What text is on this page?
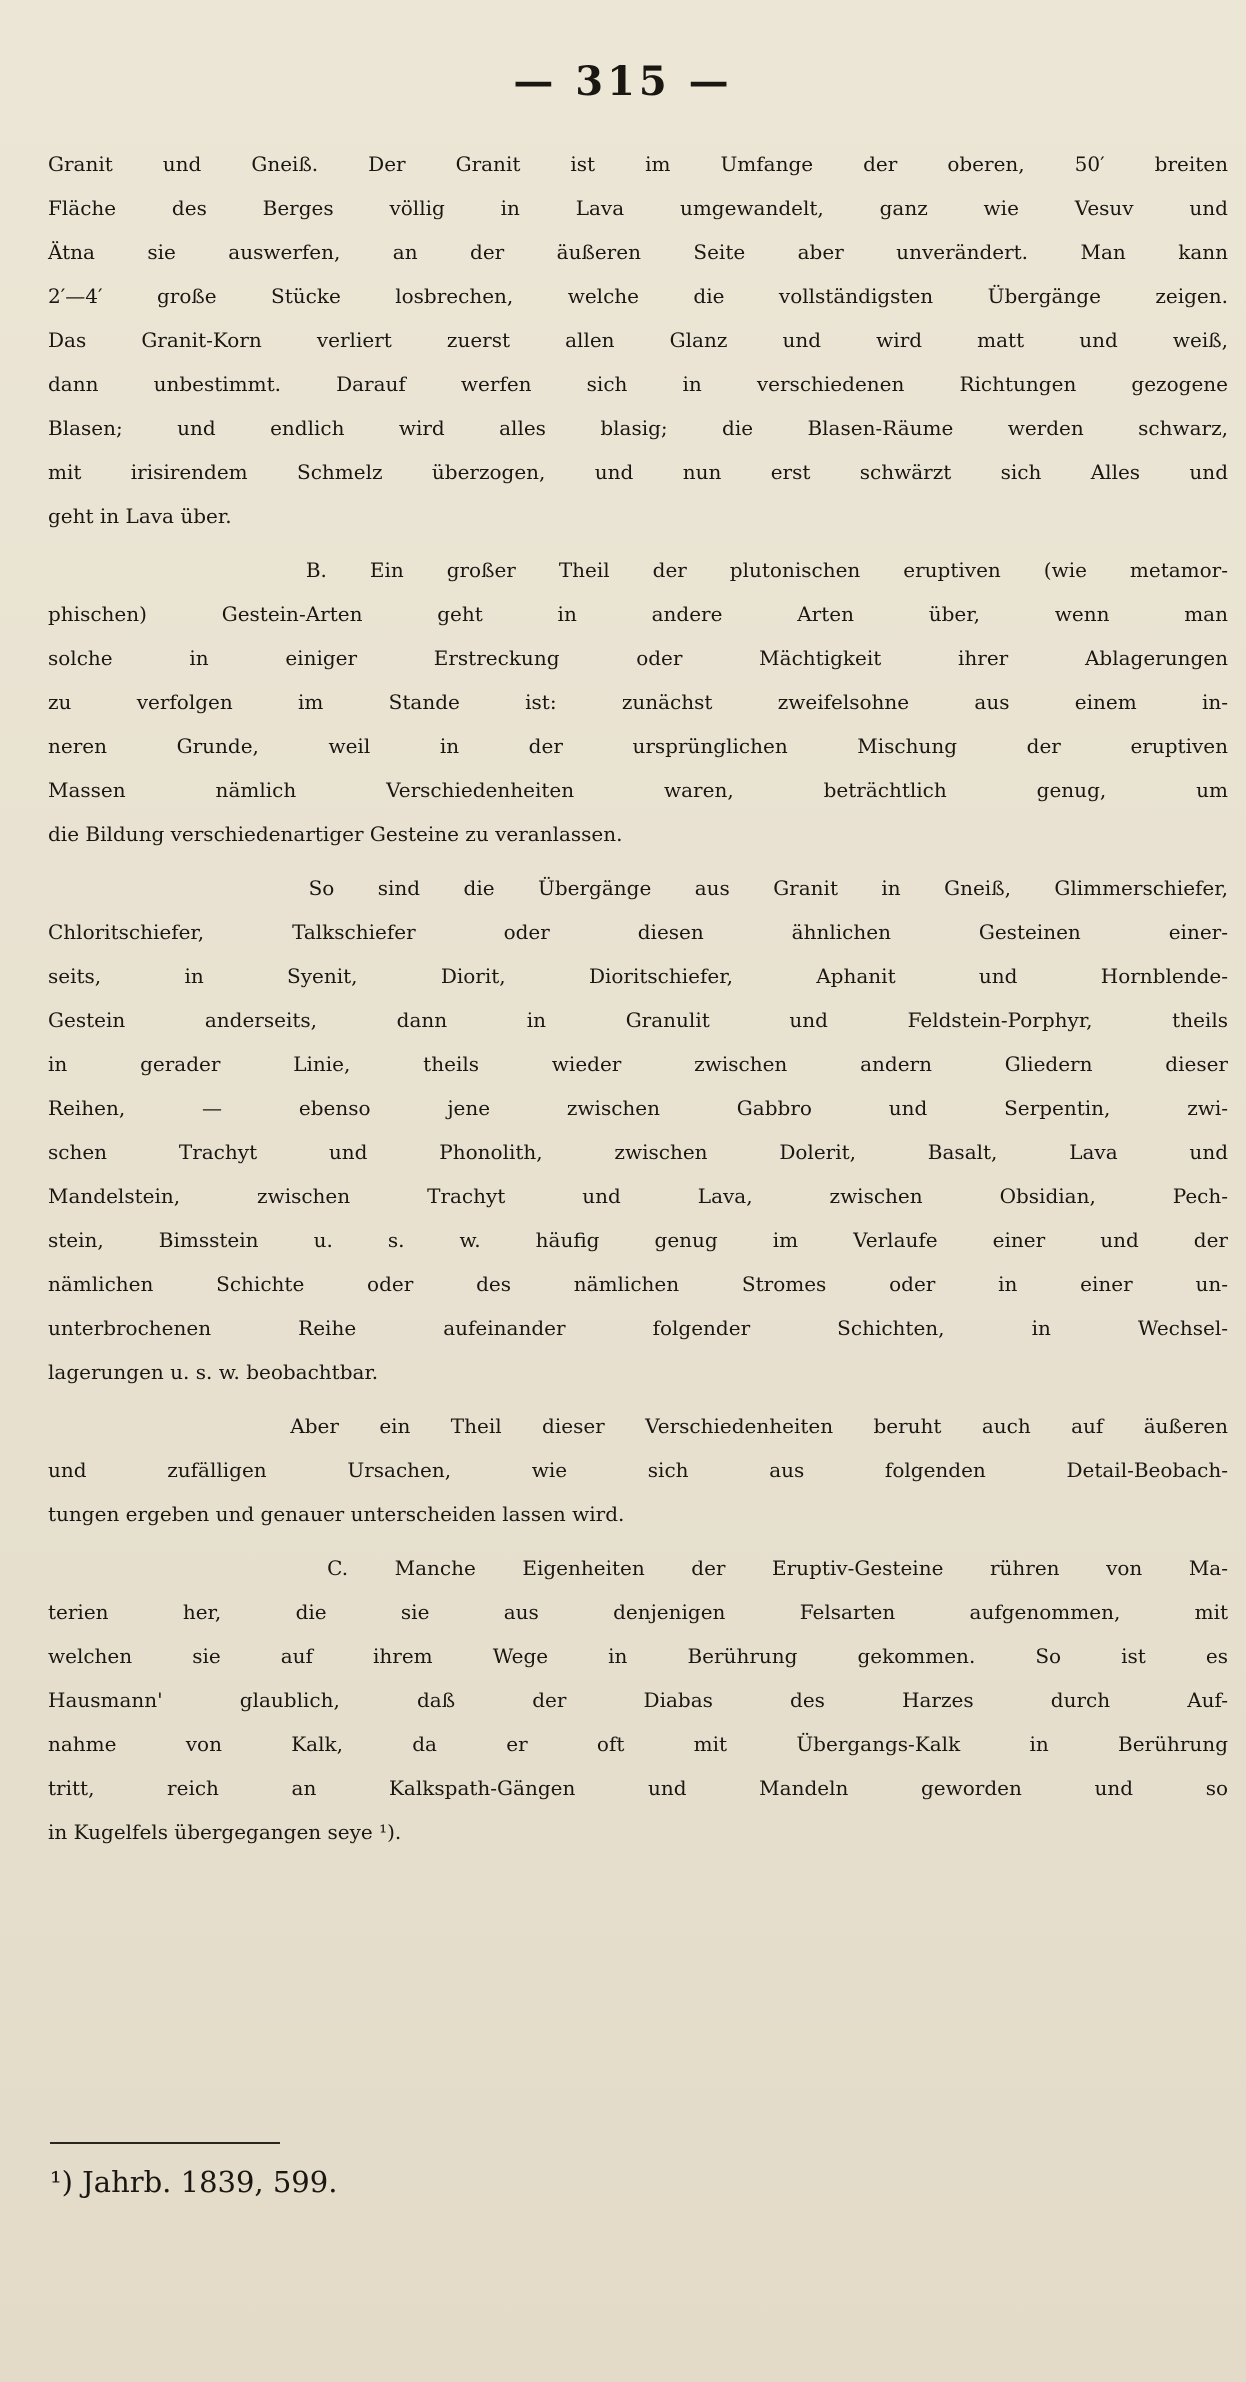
— 315 —
Granit und Gneiß. Der Granit ist im Umfange der oberen, 50′ breiten
Fläche des Berges völlig in Lava umgewandelt, ganz wie Vesuv und
Ätna sie auswerfen, an der äußeren Seite aber unverändert. Man kann
2′—4′ große Stücke losbrechen, welche die vollständigsten Übergänge zeigen.
Das Granit-Korn verliert zuerst allen Glanz und wird matt und weiß,
dann unbestimmt. Darauf werfen sich in verschiedenen Richtungen gezogene
Blasen; und endlich wird alles blasig; die Blasen-Räume werden schwarz,
mit irisirendem Schmelz überzogen, und nun erst schwärzt sich Alles und
geht in Lava über.
B. Ein großer Theil der plutonischen eruptiven (wie metamor-
phischen) Gestein-Arten geht in andere Arten über, wenn man
solche in einiger Erstreckung oder Mächtigkeit ihrer Ablagerungen
zu verfolgen im Stande ist: zunächst zweifelsohne aus einem in-
neren Grunde, weil in der ursprünglichen Mischung der eruptiven
Massen nämlich Verschiedenheiten waren, beträchtlich genug, um
die Bildung verschiedenartiger Gesteine zu veranlassen.
So sind die Übergänge aus Granit in Gneiß, Glimmerschiefer,
Chloritschiefer, Talkschiefer oder diesen ähnlichen Gesteinen einer-
seits, in Syenit, Diorit, Dioritschiefer, Aphanit und Hornblende-
Gestein anderseits, dann in Granulit und Feldstein-Porphyr, theils
in gerader Linie, theils wieder zwischen andern Gliedern dieser
Reihen, — ebenso jene zwischen Gabbro und Serpentin, zwi-
schen Trachyt und Phonolith, zwischen Dolerit, Basalt, Lava und
Mandelstein, zwischen Trachyt und Lava, zwischen Obsidian, Pech-
stein, Bimsstein u. s. w. häufig genug im Verlaufe einer und der
nämlichen Schichte oder des nämlichen Stromes oder in einer un-
unterbrochenen Reihe aufeinander folgender Schichten, in Wechsel-
lagerungen u. s. w. beobachtbar.
Aber ein Theil dieser Verschiedenheiten beruht auch auf äußeren
und zufälligen Ursachen, wie sich aus folgenden Detail-Beobach-
tungen ergeben und genauer unterscheiden lassen wird.
C. Manche Eigenheiten der Eruptiv-Gesteine rühren von Ma-
terien her, die sie aus denjenigen Felsarten aufgenommen, mit
welchen sie auf ihrem Wege in Berührung gekommen. So ist es
Hausmann' glaublich, daß der Diabas des Harzes durch Auf-
nahme von Kalk, da er oft mit Übergangs-Kalk in Berührung
tritt, reich an Kalkspath-Gängen und Mandeln geworden und so
in Kugelfels übergegangen seye ¹).
¹) Jahrb. 1839, 599.
